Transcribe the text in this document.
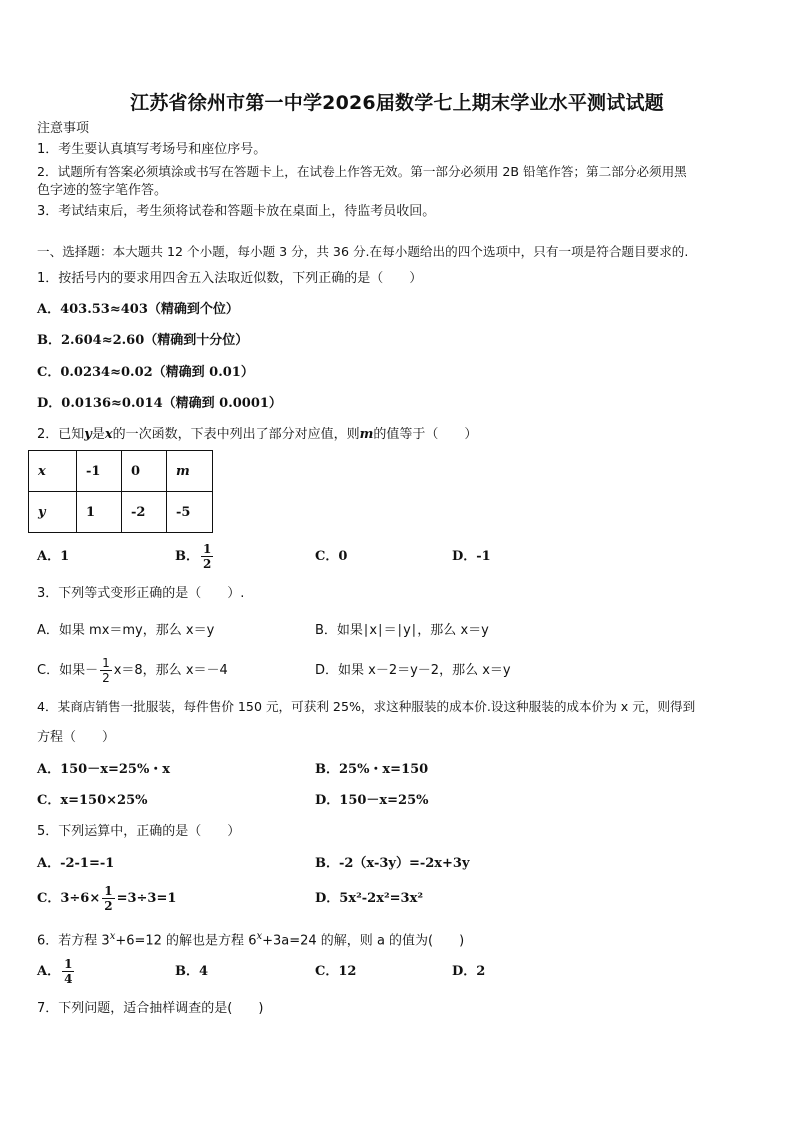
江苏省徐州市第一中学2026届数学七上期末学业水平测试试题
注意事项
1．考生要认真填写考场号和座位序号。
2．试题所有答案必须填涂或书写在答题卡上，在试卷上作答无效。第一部分必须用 2B 铅笔作答；第二部分必须用黑
色字迹的签字笔作答。
3．考试结束后，考生须将试卷和答题卡放在桌面上，待监考员收回。
一、选择题：本大题共 12 个小题，每小题 3 分，共 36 分.在每小题给出的四个选项中，只有一项是符合题目要求的.
1．按括号内的要求用四舍五入法取近似数，下列正确的是（　　）
A．403.53≈403（精确到个位）
B．2.604≈2.60（精确到十分位）
C．0.0234≈0.02（精确到 0.01）
D．0.0136≈0.014（精确到 0.0001）
2．已知y是x的一次函数，下表中列出了部分对应值，则m的值等于（　　）
x	-1	0	m
y	1	-2	-5
A．1	B． $\frac{1}{2}$	C．0	D．-1
3．下列等式变形正确的是（　　）.
A．如果 mx＝my，那么 x＝y	B．如果∣x∣＝∣y∣，那么 x＝y
C．如果－ $\frac{1}{2} x=8$，那么 x＝－4	D．如果 x－2＝y－2，那么 x＝y
4．某商店销售一批服装，每件售价 150 元，可获利 25%，求这种服装的成本价.设这种服装的成本价为 x 元，则得到
方程（　　）
A．150－x=25%・x	B．25%・x=150
C．x=150×25%	D．150－x=25%
5．下列运算中，正确的是（　　）
A．-2-1=-1	B．-2（x-3y）=-2x+3y
C．$3\div 6\times \frac{1}{2} =3\div 3=1$	D．5x²-2x²=3x²
6．若方程 $3^x+6=12$ 的解也是方程 $6^x+3a=24$ 的解，则 a 的值为(　　)
A． $\frac{1}{4}$	B．4	C．12	D．2
7．下列问题，适合抽样调查的是(　　)
